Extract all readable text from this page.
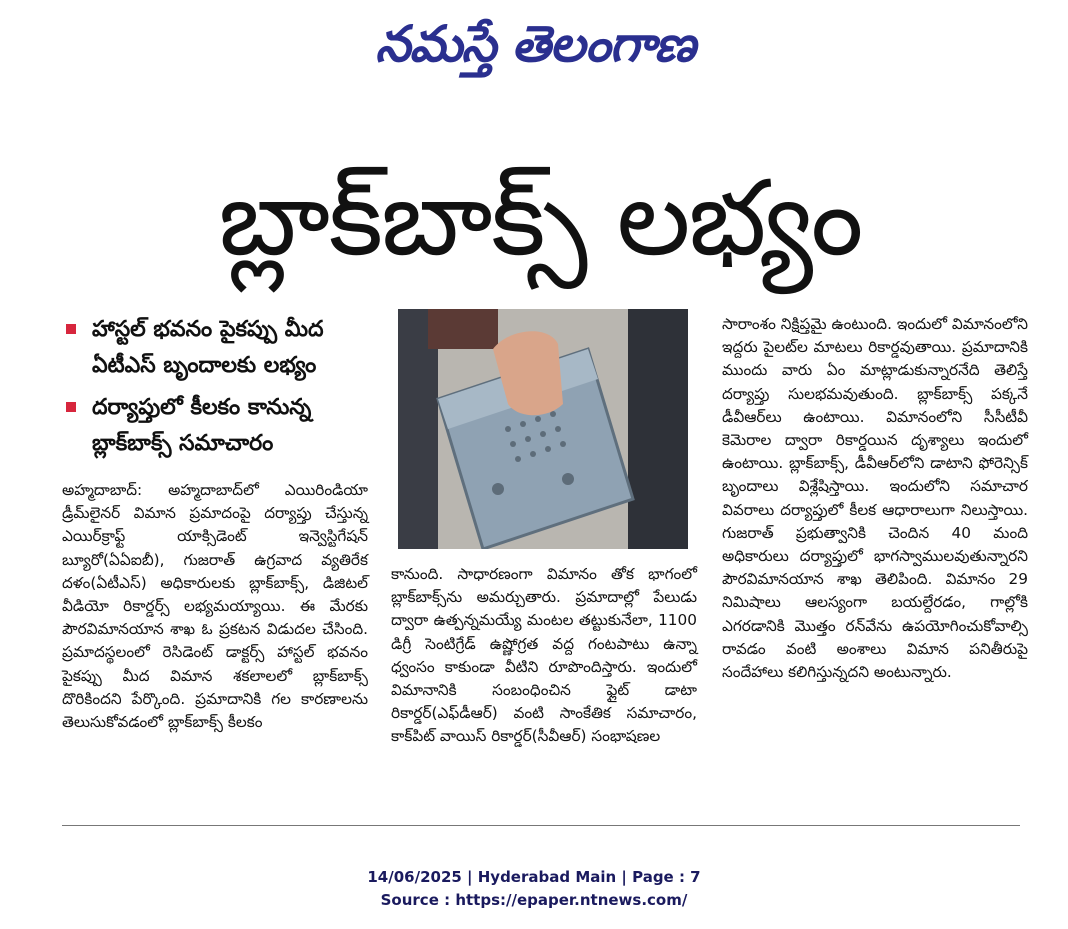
నమస్తే తెలంగాణ
బ్లాక్‌బాక్స్‌ లభ్యం
హాస్టల్‌ భవనం పైకప్పు మీద ఏటీఎస్‌ బృందాలకు లభ్యం
దర్యాప్తులో కీలకం కానున్న బ్లాక్‌బాక్స్‌ సమాచారం
అహ్మదాబాద్‌: అహ్మదాబాద్‌లో ఎయిరిండియా డ్రీమ్‌లైనర్‌ విమాన ప్రమాదంపై దర్యాప్తు చేస్తున్న ఎయిర్‌క్రాఫ్ట్‌ యాక్సిడెంట్‌ ఇన్వెస్టిగేషన్‌ బ్యూరో(ఏఏఐబీ), గుజరాత్‌ ఉగ్రవాద వ్యతిరేక దళం(ఏటీఎస్‌) అధికారులకు బ్లాక్‌బాక్స్‌, డిజిటల్‌ వీడియో రికార్డర్స్‌ లభ్యమయ్యాయి. ఈ మేరకు పౌరవిమానయాన శాఖ ఓ ప్రకటన విడుదల చేసింది. ప్రమాదస్థలంలో రెసిడెంట్‌ డాక్టర్స్‌ హాస్టల్‌ భవనం పైకప్పు మీద విమాన శకలాలలో బ్లాక్‌బాక్స్‌ దొరికిందని పేర్కొంది. ప్రమాదానికి గల కారణాలను తెలుసుకోవడంలో బ్లాక్‌బాక్స్‌ కీలకం
కానుంది. సాధారణంగా విమానం తోక భాగంలో బ్లాక్‌బాక్స్‌ను అమర్చుతారు. ప్రమాదాల్లో పేలుడు ద్వారా ఉత్పన్నమయ్యే మంటల తట్టుకునేలా, 1100 డిగ్రీ సెంటిగ్రేడ్‌ ఉష్ణోగ్రత వద్ద గంటపాటు ఉన్నా ధ్వంసం కాకుండా వీటిని రూపొందిస్తారు. ఇందులో విమానానికి సంబంధించిన ఫ్లైట్‌ డాటా రికార్డర్‌(ఎఫ్‌డీఆర్‌) వంటి సాంకేతిక సమాచారం, కాక్‌పిట్‌ వాయిస్‌ రికార్డర్‌(సీవీఆర్‌) సంభాషణల
సారాంశం నిక్షిప్తమై ఉంటుంది. ఇందులో విమానంలోని ఇద్దరు పైలట్‌ల మాటలు రికార్డవుతాయి. ప్రమాదానికి ముందు వారు ఏం మాట్లాడుకున్నారనేది తెలిస్తే దర్యాప్తు సులభమవుతుంది. బ్లాక్‌బాక్స్‌ పక్కనే డీవీఆర్‌లు ఉంటాయి. విమానంలోని సీసీటీవీ కెమెరాల ద్వారా రికార్డయిన దృశ్యాలు ఇందులో ఉంటాయి. బ్లాక్‌బాక్స్‌, డీవీఆర్‌లోని డాటాని ఫోరెన్సిక్‌ బృందాలు విశ్లేషిస్తాయి. ఇందులోని సమాచార వివరాలు దర్యాప్తులో కీలక ఆధారాలుగా నిలుస్తాయి. గుజరాత్‌ ప్రభుత్వానికి చెందిన 40 మంది అధికారులు దర్యాప్తులో భాగస్వాములవుతున్నారని పౌరవిమానయాన శాఖ తెలిపింది. విమానం 29 నిమిషాలు ఆలస్యంగా బయల్దేరడం, గాల్లోకి ఎగరడానికి మొత్తం రన్‌వేను ఉపయోగించుకోవాల్సి రావడం వంటి అంశాలు విమాన పనితీరుపై సందేహాలు కలిగిస్తున్నదని అంటున్నారు.
14/06/2025 | Hyderabad Main | Page : 7
Source : https://epaper.ntnews.com/
